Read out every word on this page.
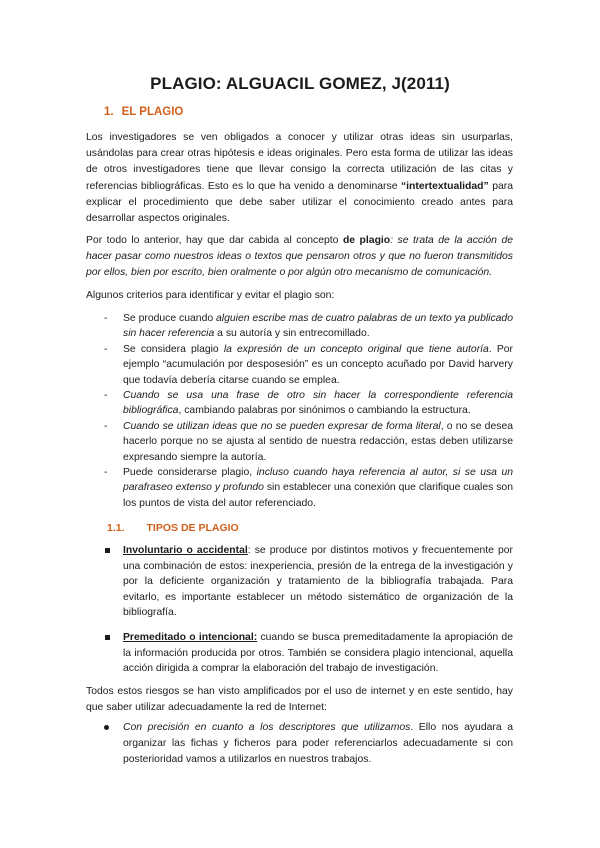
PLAGIO: ALGUACIL GOMEZ, J(2011)
1. EL PLAGIO

Los investigadores se ven obligados a conocer y utilizar otras ideas sin usurparlas, usándolas para crear otras hipótesis e ideas originales. Pero esta forma de utilizar las ideas de otros investigadores tiene que llevar consigo la correcta utilización de las citas y referencias bibliográficas. Esto es lo que ha venido a denominarse “intertextualidad” para explicar el procedimiento que debe saber utilizar el conocimiento creado antes para desarrollar aspectos originales.

Por todo lo anterior, hay que dar cabida al concepto de plagio: se trata de la acción de hacer pasar como nuestros ideas o textos que pensaron otros y que no fueron transmitidos por ellos, bien por escrito, bien oralmente o por algún otro mecanismo de comunicación.

Algunos criterios para identificar y evitar el plagio son:

- Se produce cuando alguien escribe mas de cuatro palabras de un texto ya publicado sin hacer referencia a su autoría y sin entrecomillado.
- Se considera plagio la expresión de un concepto original que tiene autoría. Por ejemplo “acumulación por desposesión” es un concepto acuñado por David harvery que todavía debería citarse cuando se emplea.
- Cuando se usa una frase de otro sin hacer la correspondiente referencia bibliográfica, cambiando palabras por sinónimos o cambiando la estructura.
- Cuando se utilizan ideas que no se pueden expresar de forma literal, o no se desea hacerlo porque no se ajusta al sentido de nuestra redacción, estas deben utilizarse expresando siempre la autoría.
- Puede considerarse plagio, incluso cuando haya referencia al autor, si se usa un parafraseo extenso y profundo sin establecer una conexión que clarifique cuales son los puntos de vista del autor referenciado.
1.1. TIPOS DE PLAGIO
Involuntario o accidental: se produce por distintos motivos y frecuentemente por una combinación de estos: inexperiencia, presión de la entrega de la investigación y por la deficiente organización y tratamiento de la bibliografía trabajada. Para evitarlo, es importante establecer un método sistemático de organización de la bibliografía.
Premeditado o intencional: cuando se busca premeditadamente la apropiación de la información producida por otros. También se considera plagio intencional, aquella acción dirigida a comprar la elaboración del trabajo de investigación.

Todos estos riesgos se han visto amplificados por el uso de internet y en este sentido, hay que saber utilizar adecuadamente la red de Internet:

Con precisión en cuanto a los descriptores que utilizamos. Ello nos ayudara a organizar las fichas y ficheros para poder referenciarlos adecuadamente si con posterioridad vamos a utilizarlos en nuestros trabajos.
